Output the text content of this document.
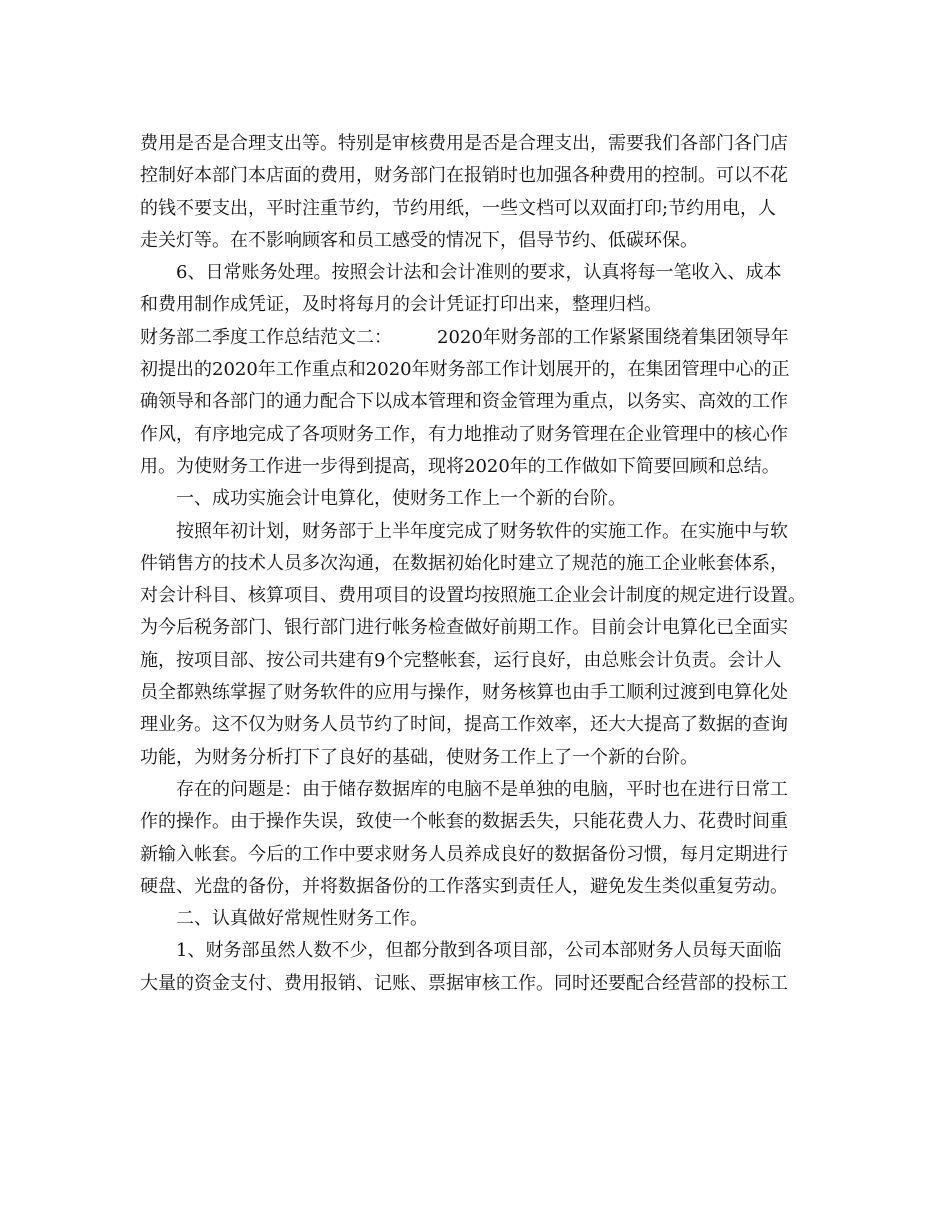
费用是否是合理支出等。特别是审核费用是否是合理支出，需要我们各部门各门店
控制好本部门本店面的费用，财务部门在报销时也加强各种费用的控制。可以不花
的钱不要支出，平时注重节约，节约用纸，一些文档可以双面打印;节约用电，人
走关灯等。在不影响顾客和员工感受的情况下，倡导节约、低碳环保。
6、日常账务处理。按照会计法和会计准则的要求，认真将每一笔收入、成本
和费用制作成凭证，及时将每月的会计凭证打印出来，整理归档。
财务部二季度工作总结范文二：　　　2020年财务部的工作紧紧围绕着集团领导年
初提出的2020年工作重点和2020年财务部工作计划展开的，在集团管理中心的正
确领导和各部门的通力配合下以成本管理和资金管理为重点，以务实、高效的工作
作风，有序地完成了各项财务工作，有力地推动了财务管理在企业管理中的核心作
用。为使财务工作进一步得到提高，现将2020年的工作做如下简要回顾和总结。
一、成功实施会计电算化，使财务工作上一个新的台阶。
按照年初计划，财务部于上半年度完成了财务软件的实施工作。在实施中与软
件销售方的技术人员多次沟通，在数据初始化时建立了规范的施工企业帐套体系，
对会计科目、核算项目、费用项目的设置均按照施工企业会计制度的规定进行设置。
为今后税务部门、银行部门进行帐务检查做好前期工作。目前会计电算化已全面实
施，按项目部、按公司共建有9个完整帐套，运行良好，由总账会计负责。会计人
员全都熟练掌握了财务软件的应用与操作，财务核算也由手工顺利过渡到电算化处
理业务。这不仅为财务人员节约了时间，提高工作效率，还大大提高了数据的查询
功能，为财务分析打下了良好的基础，使财务工作上了一个新的台阶。
存在的问题是：由于储存数据库的电脑不是单独的电脑，平时也在进行日常工
作的操作。由于操作失误，致使一个帐套的数据丢失，只能花费人力、花费时间重
新输入帐套。今后的工作中要求财务人员养成良好的数据备份习惯，每月定期进行
硬盘、光盘的备份，并将数据备份的工作落实到责任人，避免发生类似重复劳动。
二、认真做好常规性财务工作。
1、财务部虽然人数不少，但都分散到各项目部，公司本部财务人员每天面临
大量的资金支付、费用报销、记账、票据审核工作。同时还要配合经营部的投标工
